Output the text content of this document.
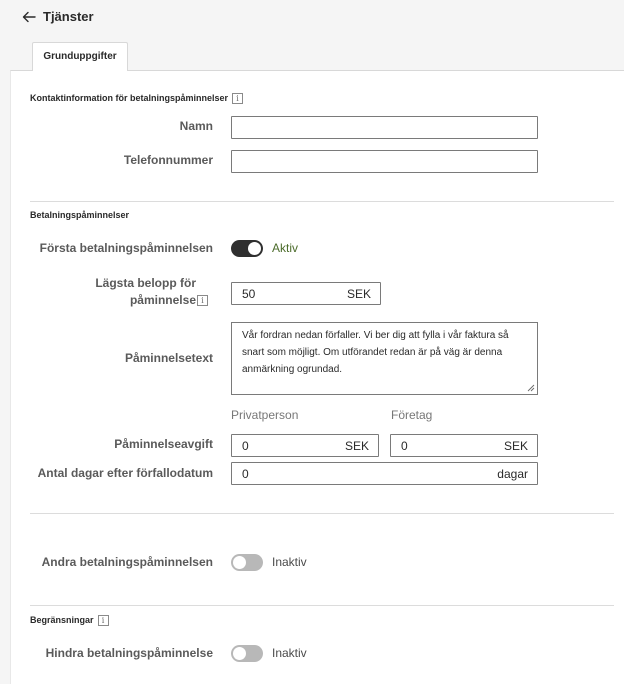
Tjänster
Grunduppgifter
Kontaktinformation för betalningspåminnelser i
Namn
Telefonnummer
Betalningspåminnelser
Första betalningspåminnelsen	Aktiv
Lägsta belopp för
påminnelse i	50	SEK
Påminnelsetext
Vår fordran nedan förfaller. Vi ber dig att fylla i vår faktura så snart som möjligt. Om utförandet redan är på väg är denna anmärkning ogrundad.
Privatperson	Företag
Påminnelseavgift 0	SEK	0	SEK
Antal dagar efter förfallodatum 0	dagar
Andra betalningspåminnelsen	Inaktiv
Begränsningar i
Hindra betalningspåminnelse	Inaktiv
